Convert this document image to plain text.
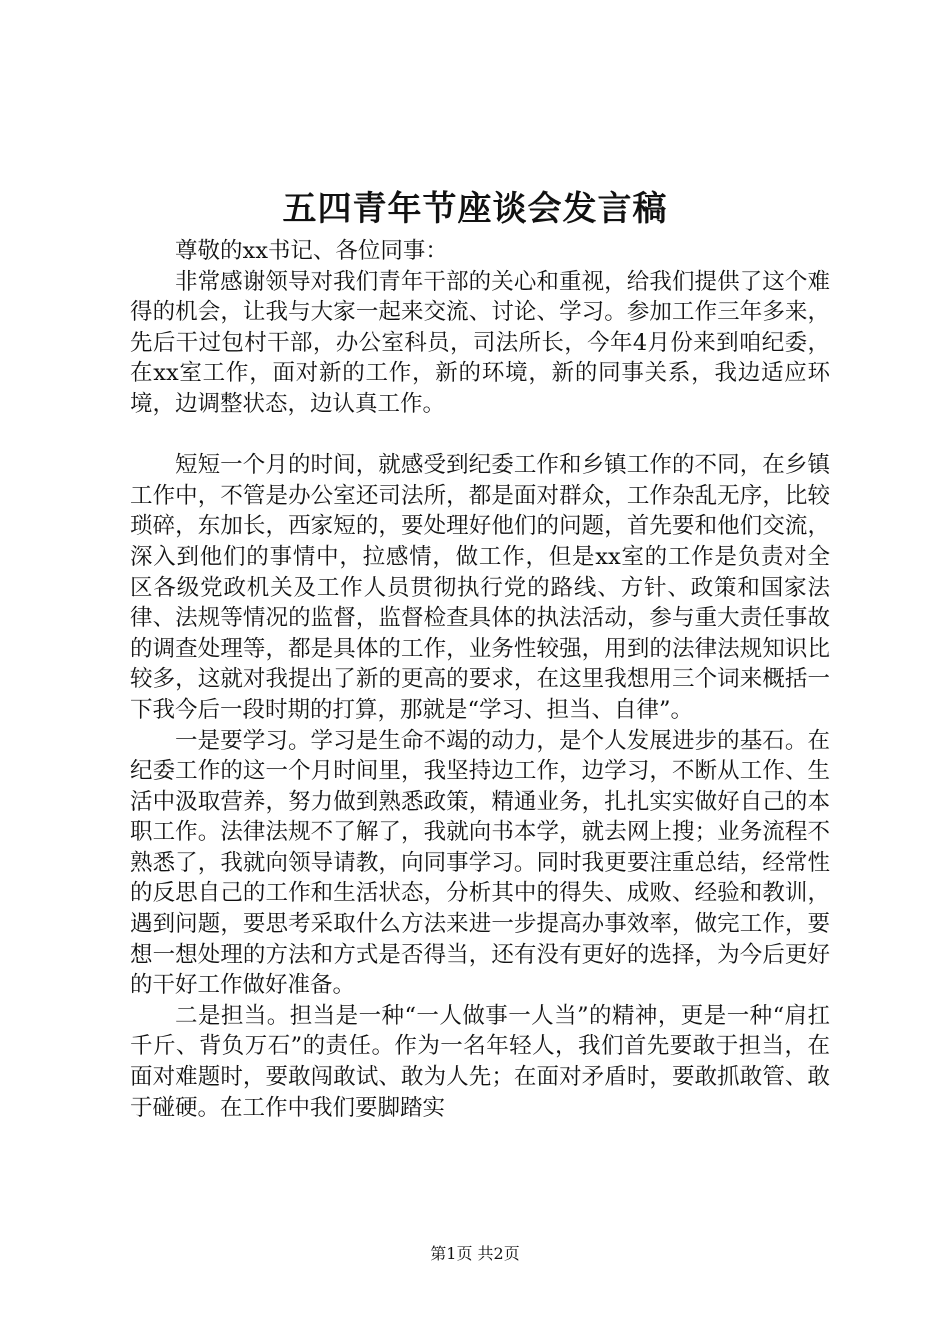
五四青年节座谈会发言稿

尊敬的xx书记、各位同事：

非常感谢领导对我们青年干部的关心和重视，给我们提供了这个难得的机会，让我与大家一起来交流、讨论、学习。参加工作三年多来，先后干过包村干部，办公室科员，司法所长，今年4月份来到咱纪委，在xx室工作，面对新的工作，新的环境，新的同事关系，我边适应环境，边调整状态，边认真工作。

短短一个月的时间，就感受到纪委工作和乡镇工作的不同，在乡镇工作中，不管是办公室还司法所，都是面对群众，工作杂乱无序，比较琐碎，东加长，西家短的，要处理好他们的问题，首先要和他们交流，深入到他们的事情中，拉感情，做工作，但是xx室的工作是负责对全区各级党政机关及工作人员贯彻执行党的路线、方针、政策和国家法律、法规等情况的监督，监督检查具体的执法活动，参与重大责任事故的调查处理等，都是具体的工作，业务性较强，用到的法律法规知识比较多，这就对我提出了新的更高的要求，在这里我想用三个词来概括一下我今后一段时期的打算，那就是“学习、担当、自律”。

一是要学习。学习是生命不竭的动力，是个人发展进步的基石。在纪委工作的这一个月时间里，我坚持边工作，边学习，不断从工作、生活中汲取营养，努力做到熟悉政策，精通业务，扎扎实实做好自己的本职工作。法律法规不了解了，我就向书本学，就去网上搜；业务流程不熟悉了，我就向领导请教，向同事学习。同时我更要注重总结，经常性的反思自己的工作和生活状态，分析其中的得失、成败、经验和教训，遇到问题，要思考采取什么方法来进一步提高办事效率，做完工作，要想一想处理的方法和方式是否得当，还有没有更好的选择，为今后更好的干好工作做好准备。

二是担当。担当是一种“一人做事一人当”的精神，更是一种“肩扛千斤、背负万石”的责任。作为一名年轻人，我们首先要敢于担当，在面对难题时，要敢闯敢试、敢为人先；在面对矛盾时，要敢抓敢管、敢于碰硬。在工作中我们要脚踏实

第1页 共2页
